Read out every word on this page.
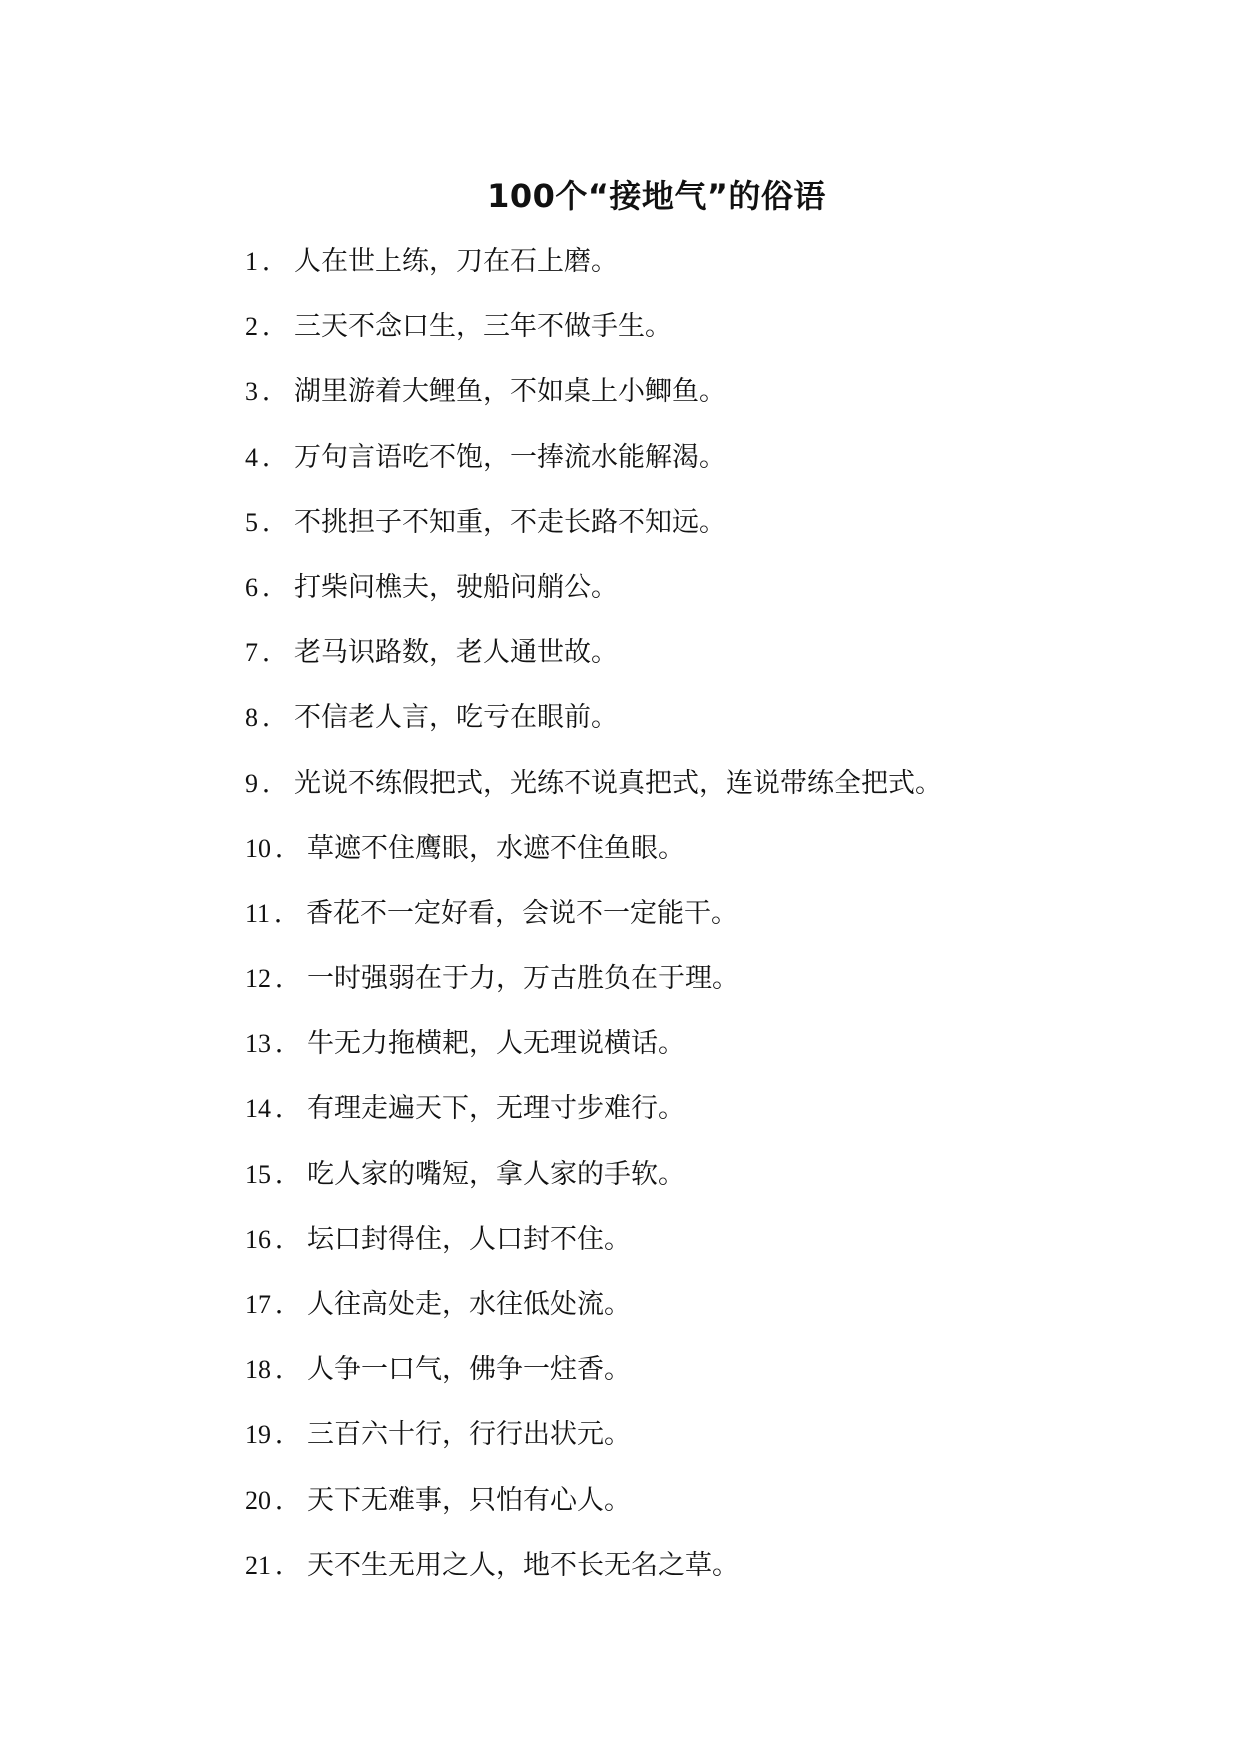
100个“接地气”的俗语
1 ． 人在世上练，刀在石上磨。
2 ． 三天不念口生，三年不做手生。
3 ． 湖里游着大鲤鱼，不如桌上小鲫鱼。
4 ． 万句言语吃不饱，一捧流水能解渴。
5 ． 不挑担子不知重，不走长路不知远。
6 ． 打柴问樵夫，驶船问艄公。
7 ． 老马识路数，老人通世故。
8 ． 不信老人言，吃亏在眼前。
9 ． 光说不练假把式，光练不说真把式，连说带练全把式。
10 ． 草遮不住鹰眼，水遮不住鱼眼。
11 ． 香花不一定好看，会说不一定能干。
12 ． 一时强弱在于力，万古胜负在于理。
13 ． 牛无力拖横耙，人无理说横话。
14 ． 有理走遍天下，无理寸步难行。
15 ． 吃人家的嘴短，拿人家的手软。
16 ． 坛口封得住，人口封不住。
17 ． 人往高处走，水往低处流。
18 ． 人争一口气，佛争一炷香。
19 ． 三百六十行，行行出状元。
20 ． 天下无难事，只怕有心人。
21 ． 天不生无用之人，地不长无名之草。
